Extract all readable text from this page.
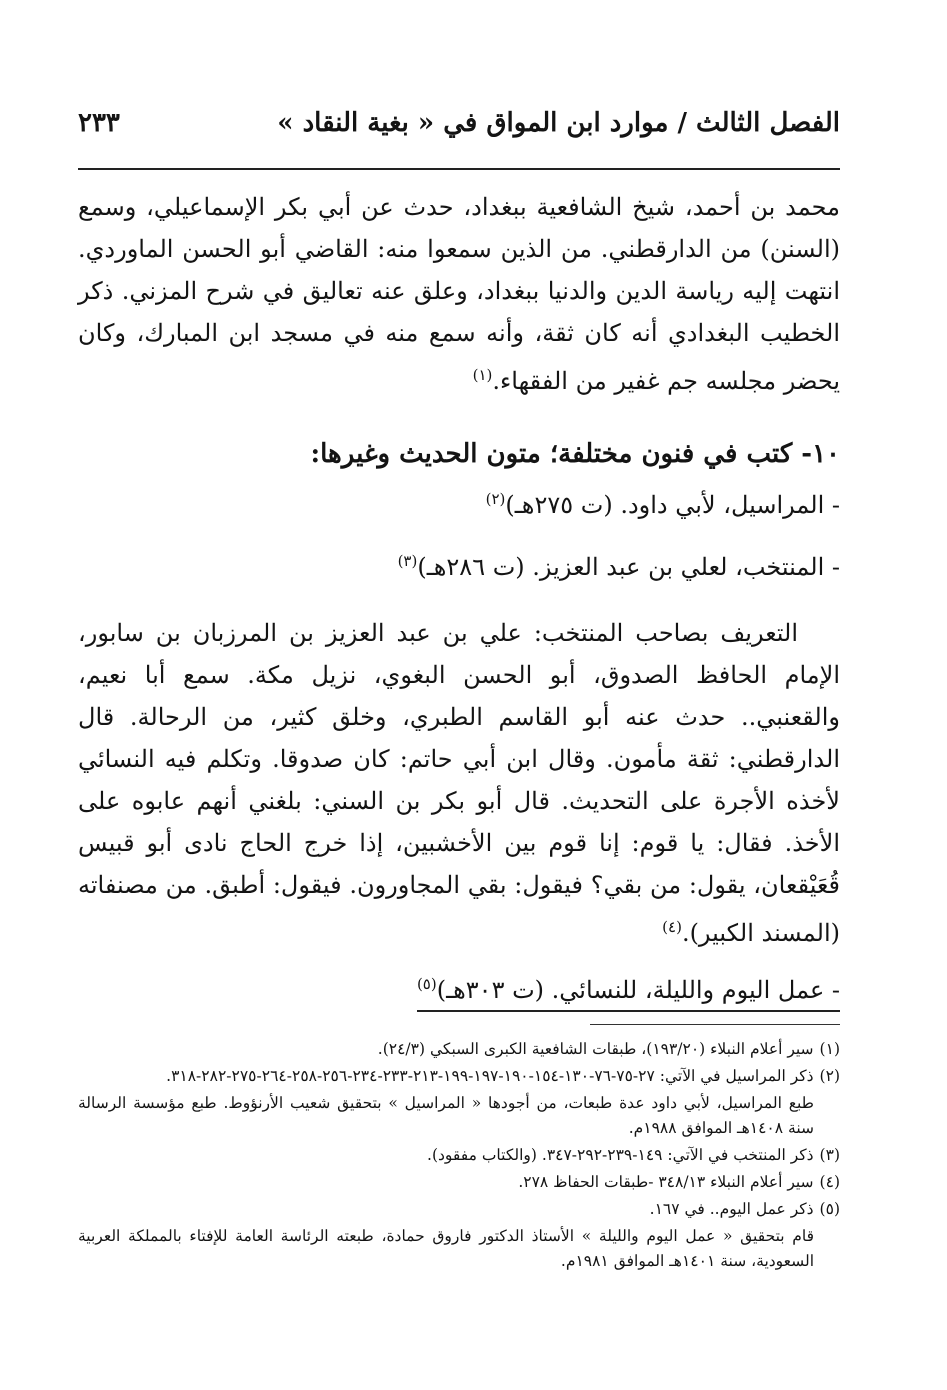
الفصل الثالث / موارد ابن المواق في « بغية النقاد »
٢٣٣

محمد بن أحمد، شيخ الشافعية ببغداد، حدث عن أبي بكر الإسماعيلي، وسمع (السنن) من الدارقطني. من الذين سمعوا منه: القاضي أبو الحسن الماوردي. انتهت إليه رياسة الدين والدنيا ببغداد، وعلق عنه تعاليق في شرح المزني. ذكر الخطيب البغدادي أنه كان ثقة، وأنه سمع منه في مسجد ابن المبارك، وكان يحضر مجلسه جم غفير من الفقهاء.$^{(١)}$

١٠- كتب في فنون مختلفة؛ متون الحديث وغيرها:

- المراسيل، لأبي داود. (ت ٢٧٥هـ)$^{(٢)}$

- المنتخب، لعلي بن عبد العزيز. (ت ٢٨٦هـ)$^{(٣)}$

التعريف بصاحب المنتخب: علي بن عبد العزيز بن المرزبان بن سابور، الإمام الحافظ الصدوق، أبو الحسن البغوي، نزيل مكة. سمع أبا نعيم، والقعنبي.. حدث عنه أبو القاسم الطبري، وخلق كثير، من الرحالة. قال الدارقطني: ثقة مأمون. وقال ابن أبي حاتم: كان صدوقا. وتكلم فيه النسائي لأخذه الأجرة على التحديث. قال أبو بكر بن السني: بلغني أنهم عابوه على الأخذ. فقال: يا قوم: إنا قوم بين الأخشبين، إذا خرج الحاج نادى أبو قبيس قُعَيْقعان، يقول: من بقي؟ فيقول: بقي المجاورون. فيقول: أطبق. من مصنفاته (المسند الكبير).$^{(٤)}$

- عمل اليوم والليلة، للنسائي. (ت ٣٠٣هـ)$^{(٥)}$

(١)سير أعلام النبلاء (١٩٣/٢٠)، طبقات الشافعية الكبرى السبكي (٢٤/٣).

(٢)ذكر المراسيل في الآتي: ٢٧-٧٥-٧٦-١٣٠-١٥٤-١٩٠-١٩٧-١٩٩-٢١٣-٢٣٣-٢٣٤-٢٥٦-٢٥٨-٢٦٤-٢٧٥-٢٨٢-٣١٨.

طبع المراسيل، لأبي داود عدة طبعات، من أجودها « المراسيل » بتحقيق شعيب الأرنؤوط. طبع مؤسسة الرسالة سنة ١٤٠٨هـ الموافق ١٩٨٨م.

(٣)ذكر المنتخب في الآتي: ١٤٩-٢٣٩-٢٩٢-٣٤٧. (والكتاب مفقود).

(٤)سير أعلام النبلاء ٣٤٨/١٣ -طبقات الحفاظ ٢٧٨.

(٥)ذكر عمل اليوم.. في ١٦٧.

قام بتحقيق « عمل اليوم والليلة » الأستاذ الدكتور فاروق حمادة، طبعته الرئاسة العامة للإفتاء بالمملكة العربية السعودية، سنة ١٤٠١هـ الموافق ١٩٨١م.
